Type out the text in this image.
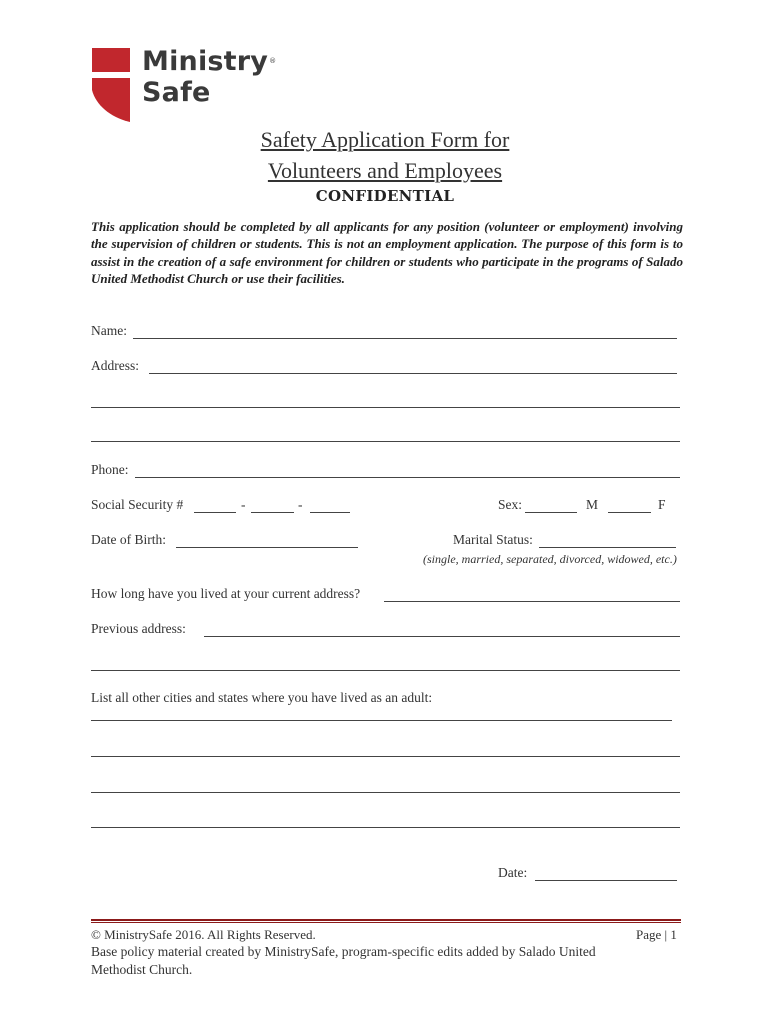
Ministry®
Safe
Safety Application Form for
Volunteers and Employees
CONFIDENTIAL
This application should be completed by all applicants for any position (volunteer or employment) involving the supervision of children or students. This is not an employment application. The purpose of this form is to assist in the creation of a safe environment for children or students who participate in the programs of Salado United Methodist Church or use their facilities.
Name:
Address:
Phone:
Social Security #	-	-	Sex:	M	F
Date of Birth:	Marital Status:
(single, married, separated, divorced, widowed, etc.)
How long have you lived at your current address?
Previous address:
List all other cities and states where you have lived as an adult:
Date:
© MinistrySafe 2016. All Rights Reserved.	Page | 1
Base policy material created by MinistrySafe, program-specific edits added by Salado United Methodist Church.
